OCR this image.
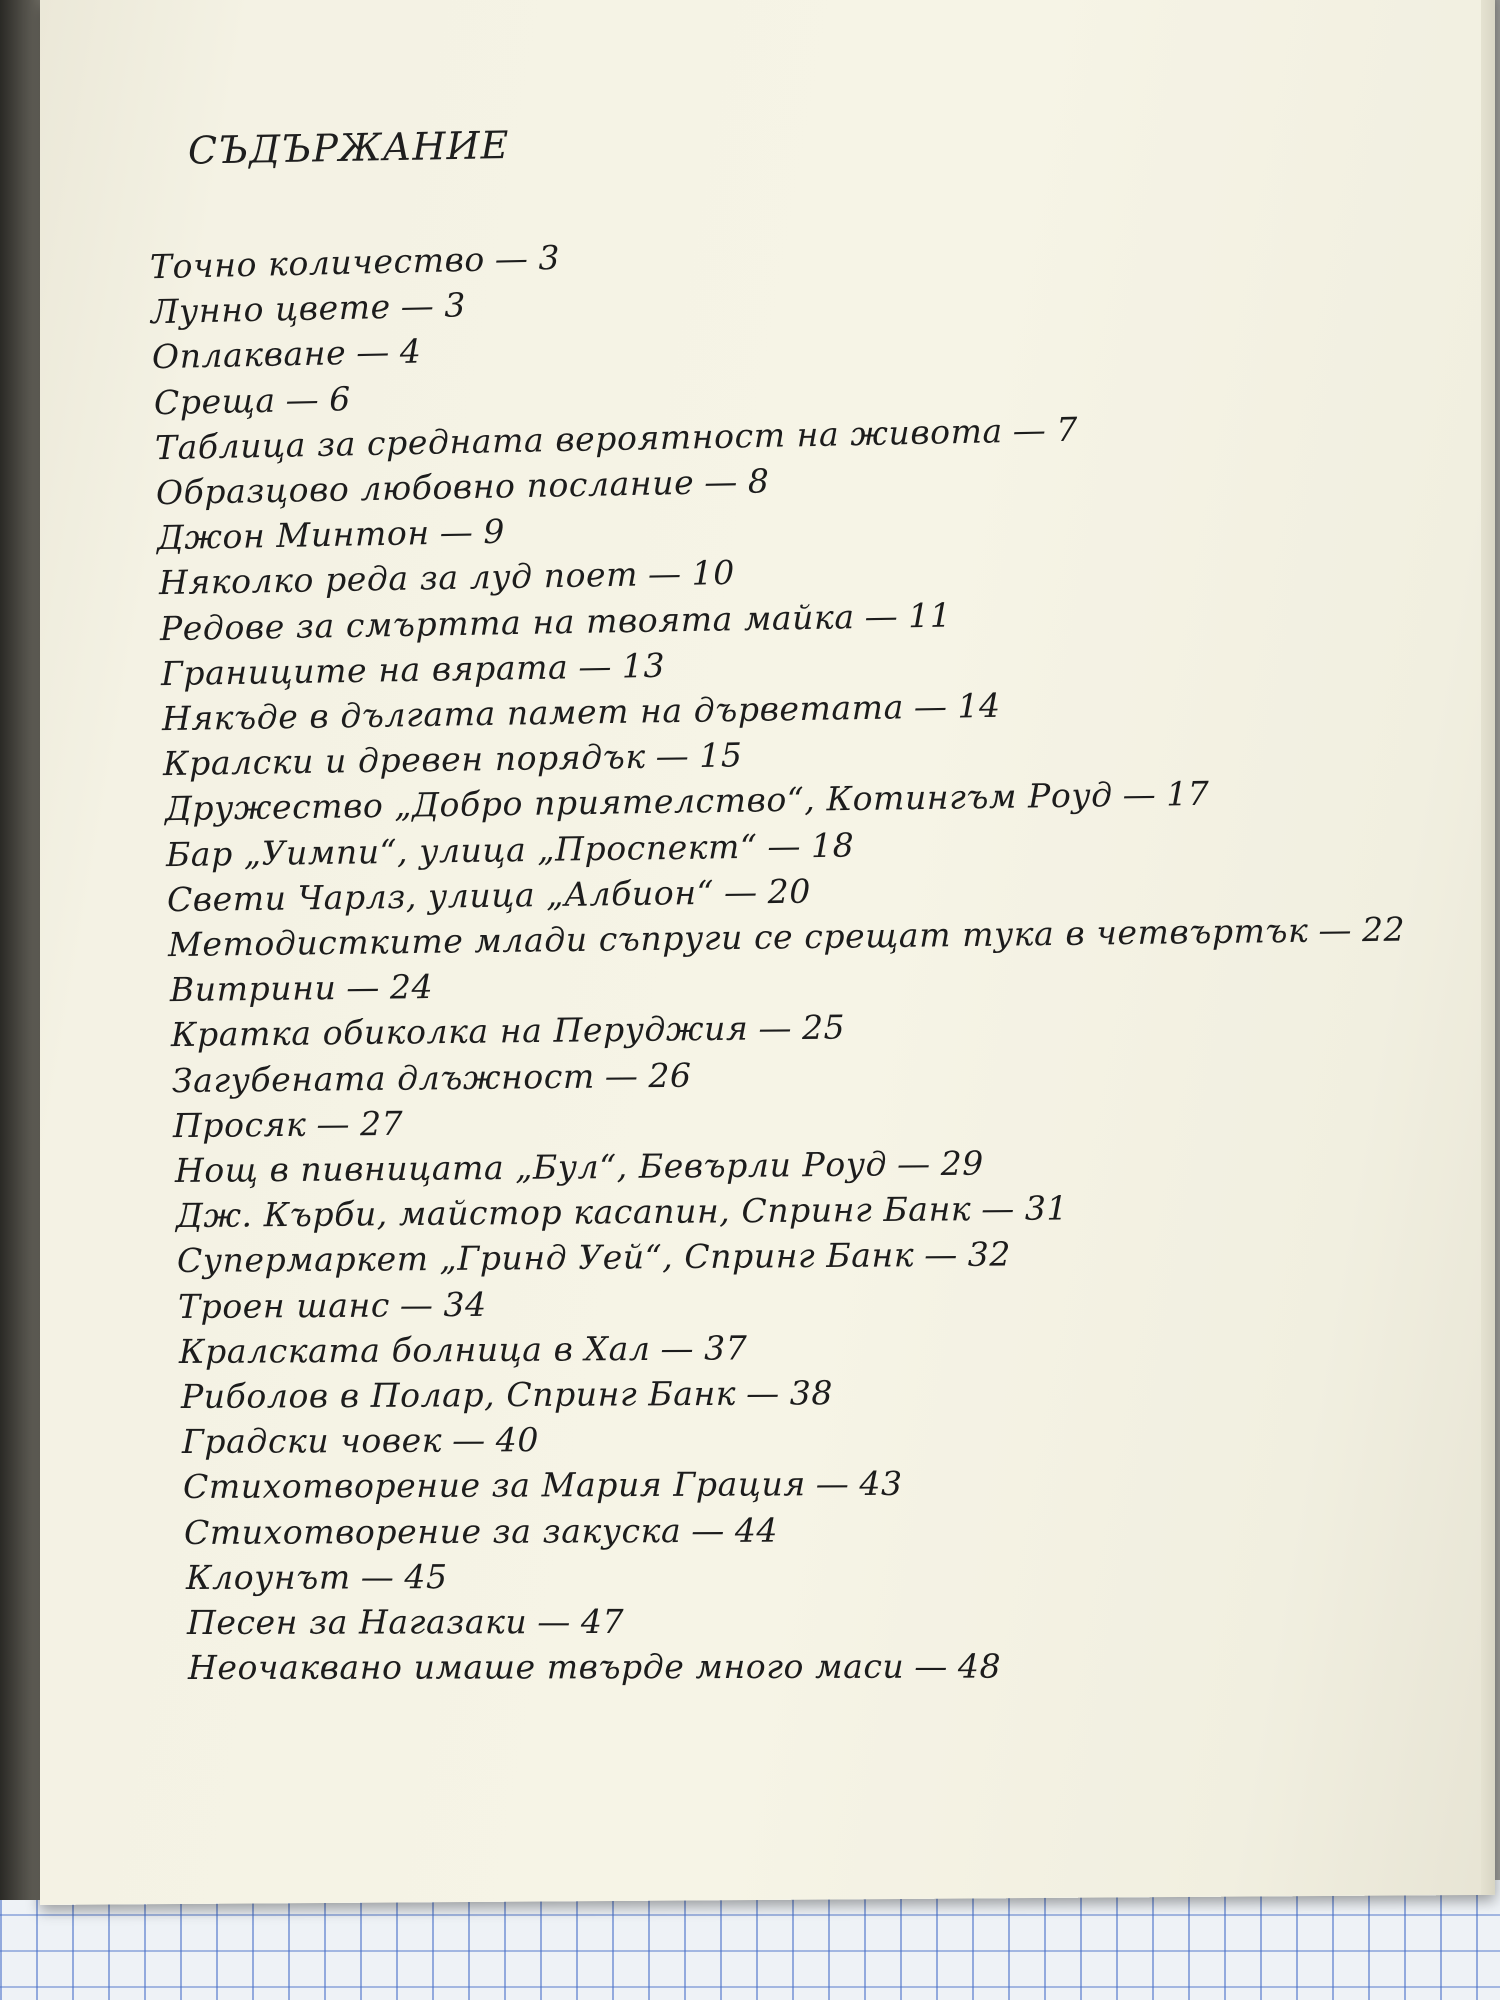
СЪДЪРЖАНИЕ
Точно количество — 3
Лунно цвете — 3
Оплакване — 4
Среща — 6
Таблица за средната вероятност на живота — 7
Образцово любовно послание — 8
Джон Минтон — 9
Няколко реда за луд поет — 10
Редове за смъртта на твоята майка — 11
Границите на вярата — 13
Някъде в дългата памет на дърветата — 14
Кралски и древен порядък — 15
Дружество „Добро приятелство“, Котингъм Роуд — 17
Бар „Уимпи“, улица „Проспект“ — 18
Свети Чарлз, улица „Албион“ — 20
Методистките млади съпруги се срещат тука в четвъртък — 22
Витрини — 24
Кратка обиколка на Перуджия — 25
Загубената длъжност — 26
Просяк — 27
Нощ в пивницата „Бул“, Бевърли Роуд — 29
Дж. Кърби, майстор касапин, Спринг Банк — 31
Супермаркет „Гринд Уей“, Спринг Банк — 32
Троен шанс — 34
Кралската болница в Хал — 37
Риболов в Полар, Спринг Банк — 38
Градски човек — 40
Стихотворение за Мария Грация — 43
Стихотворение за закуска — 44
Клоунът — 45
Песен за Нагазаки — 47
Неочаквано имаше твърде много маси — 48
